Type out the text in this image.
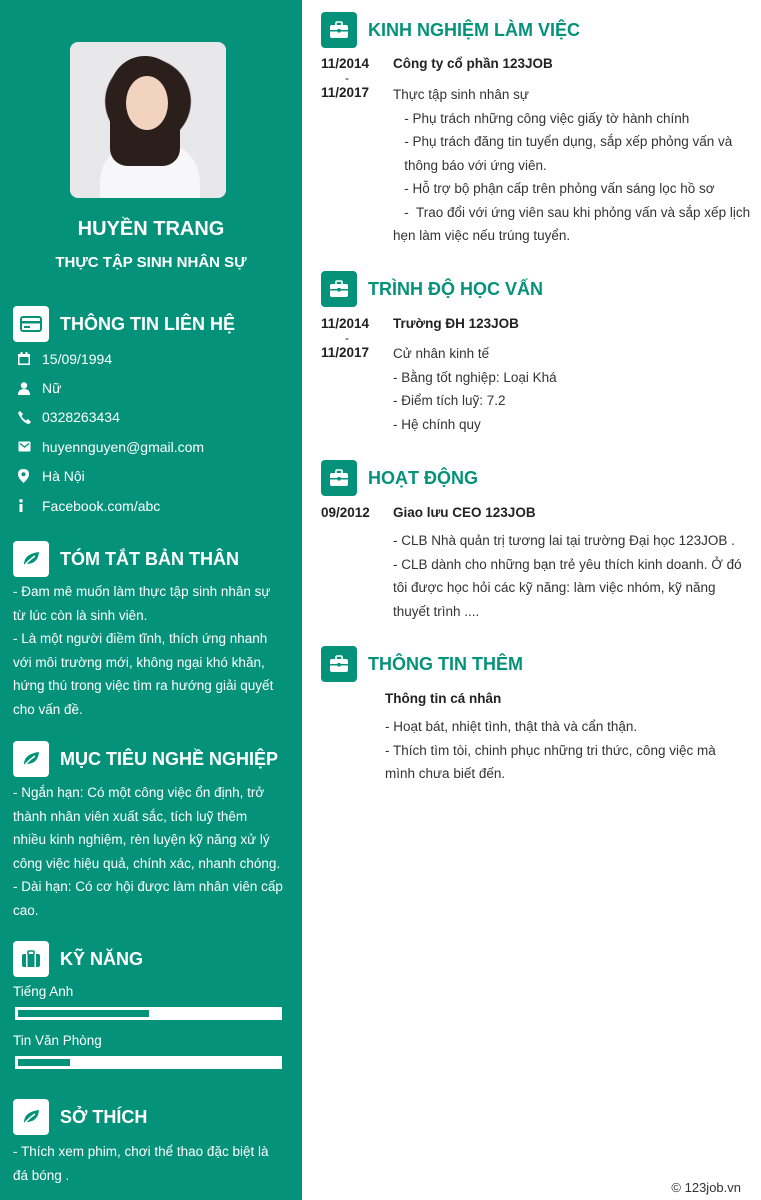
HUYỀN TRANG
THỰC TẬP SINH NHÂN SỰ
THÔNG TIN LIÊN HỆ
15/09/1994
Nữ
0328263434
huyennguyen@gmail.com
Hà Nội
Facebook.com/abc
TÓM TẮT BẢN THÂN
- Đam mê muốn làm thực tập sinh nhân sự
từ lúc còn là sinh viên.
- Là một người điềm tĩnh, thích ứng nhanh
với môi trường mới, không ngại khó khăn,
hứng thú trong việc tìm ra hướng giải quyết
cho vấn đề.
MỤC TIÊU NGHỀ NGHIỆP
- Ngắn hạn: Có một công việc ổn định, trở
thành nhân viên xuất sắc, tích luỹ thêm
nhiều kinh nghiệm, rèn luyện kỹ năng xử lý
công việc hiệu quả, chính xác, nhanh chóng.
- Dài hạn: Có cơ hội được làm nhân viên cấp
cao.
KỸ NĂNG
Tiếng Anh
Tin Văn Phòng
SỞ THÍCH
- Thích xem phim, chơi thể thao đặc biệt là
đá bóng .
KINH NGHIỆM LÀM VIỆC
11/2014
-
11/2017
Công ty cổ phần 123JOB
Thực tập sinh nhân sự
- Phụ trách những công việc giấy tờ hành chính
- Phụ trách đăng tin tuyển dụng, sắp xếp phỏng vấn và
thông báo với ứng viên.
- Hỗ trợ bộ phận cấp trên phỏng vấn sáng lọc hồ sơ
-  Trao đổi với ứng viên sau khi phỏng vấn và sắp xếp lịch
hẹn làm việc nếu trúng tuyển.
TRÌNH ĐỘ HỌC VẤN
11/2014
-
11/2017
Trường ĐH 123JOB
Cử nhân kinh tế
- Bằng tốt nghiệp: Loại Khá
- Điểm tích luỹ: 7.2
- Hệ chính quy
HOẠT ĐỘNG
09/2012 Giao lưu CEO 123JOB
- CLB Nhà quản trị tương lai tại trường Đại học 123JOB .
- CLB dành cho những bạn trẻ yêu thích kinh doanh. Ở đó
tôi được học hỏi các kỹ năng: làm việc nhóm, kỹ năng
thuyết trình ....
THÔNG TIN THÊM
Thông tin cá nhân
- Hoạt bát, nhiệt tình, thật thà và cẩn thận.
- Thích tìm tòi, chinh phục những tri thức, công việc mà
mình chưa biết đến.
© 123job.vn
